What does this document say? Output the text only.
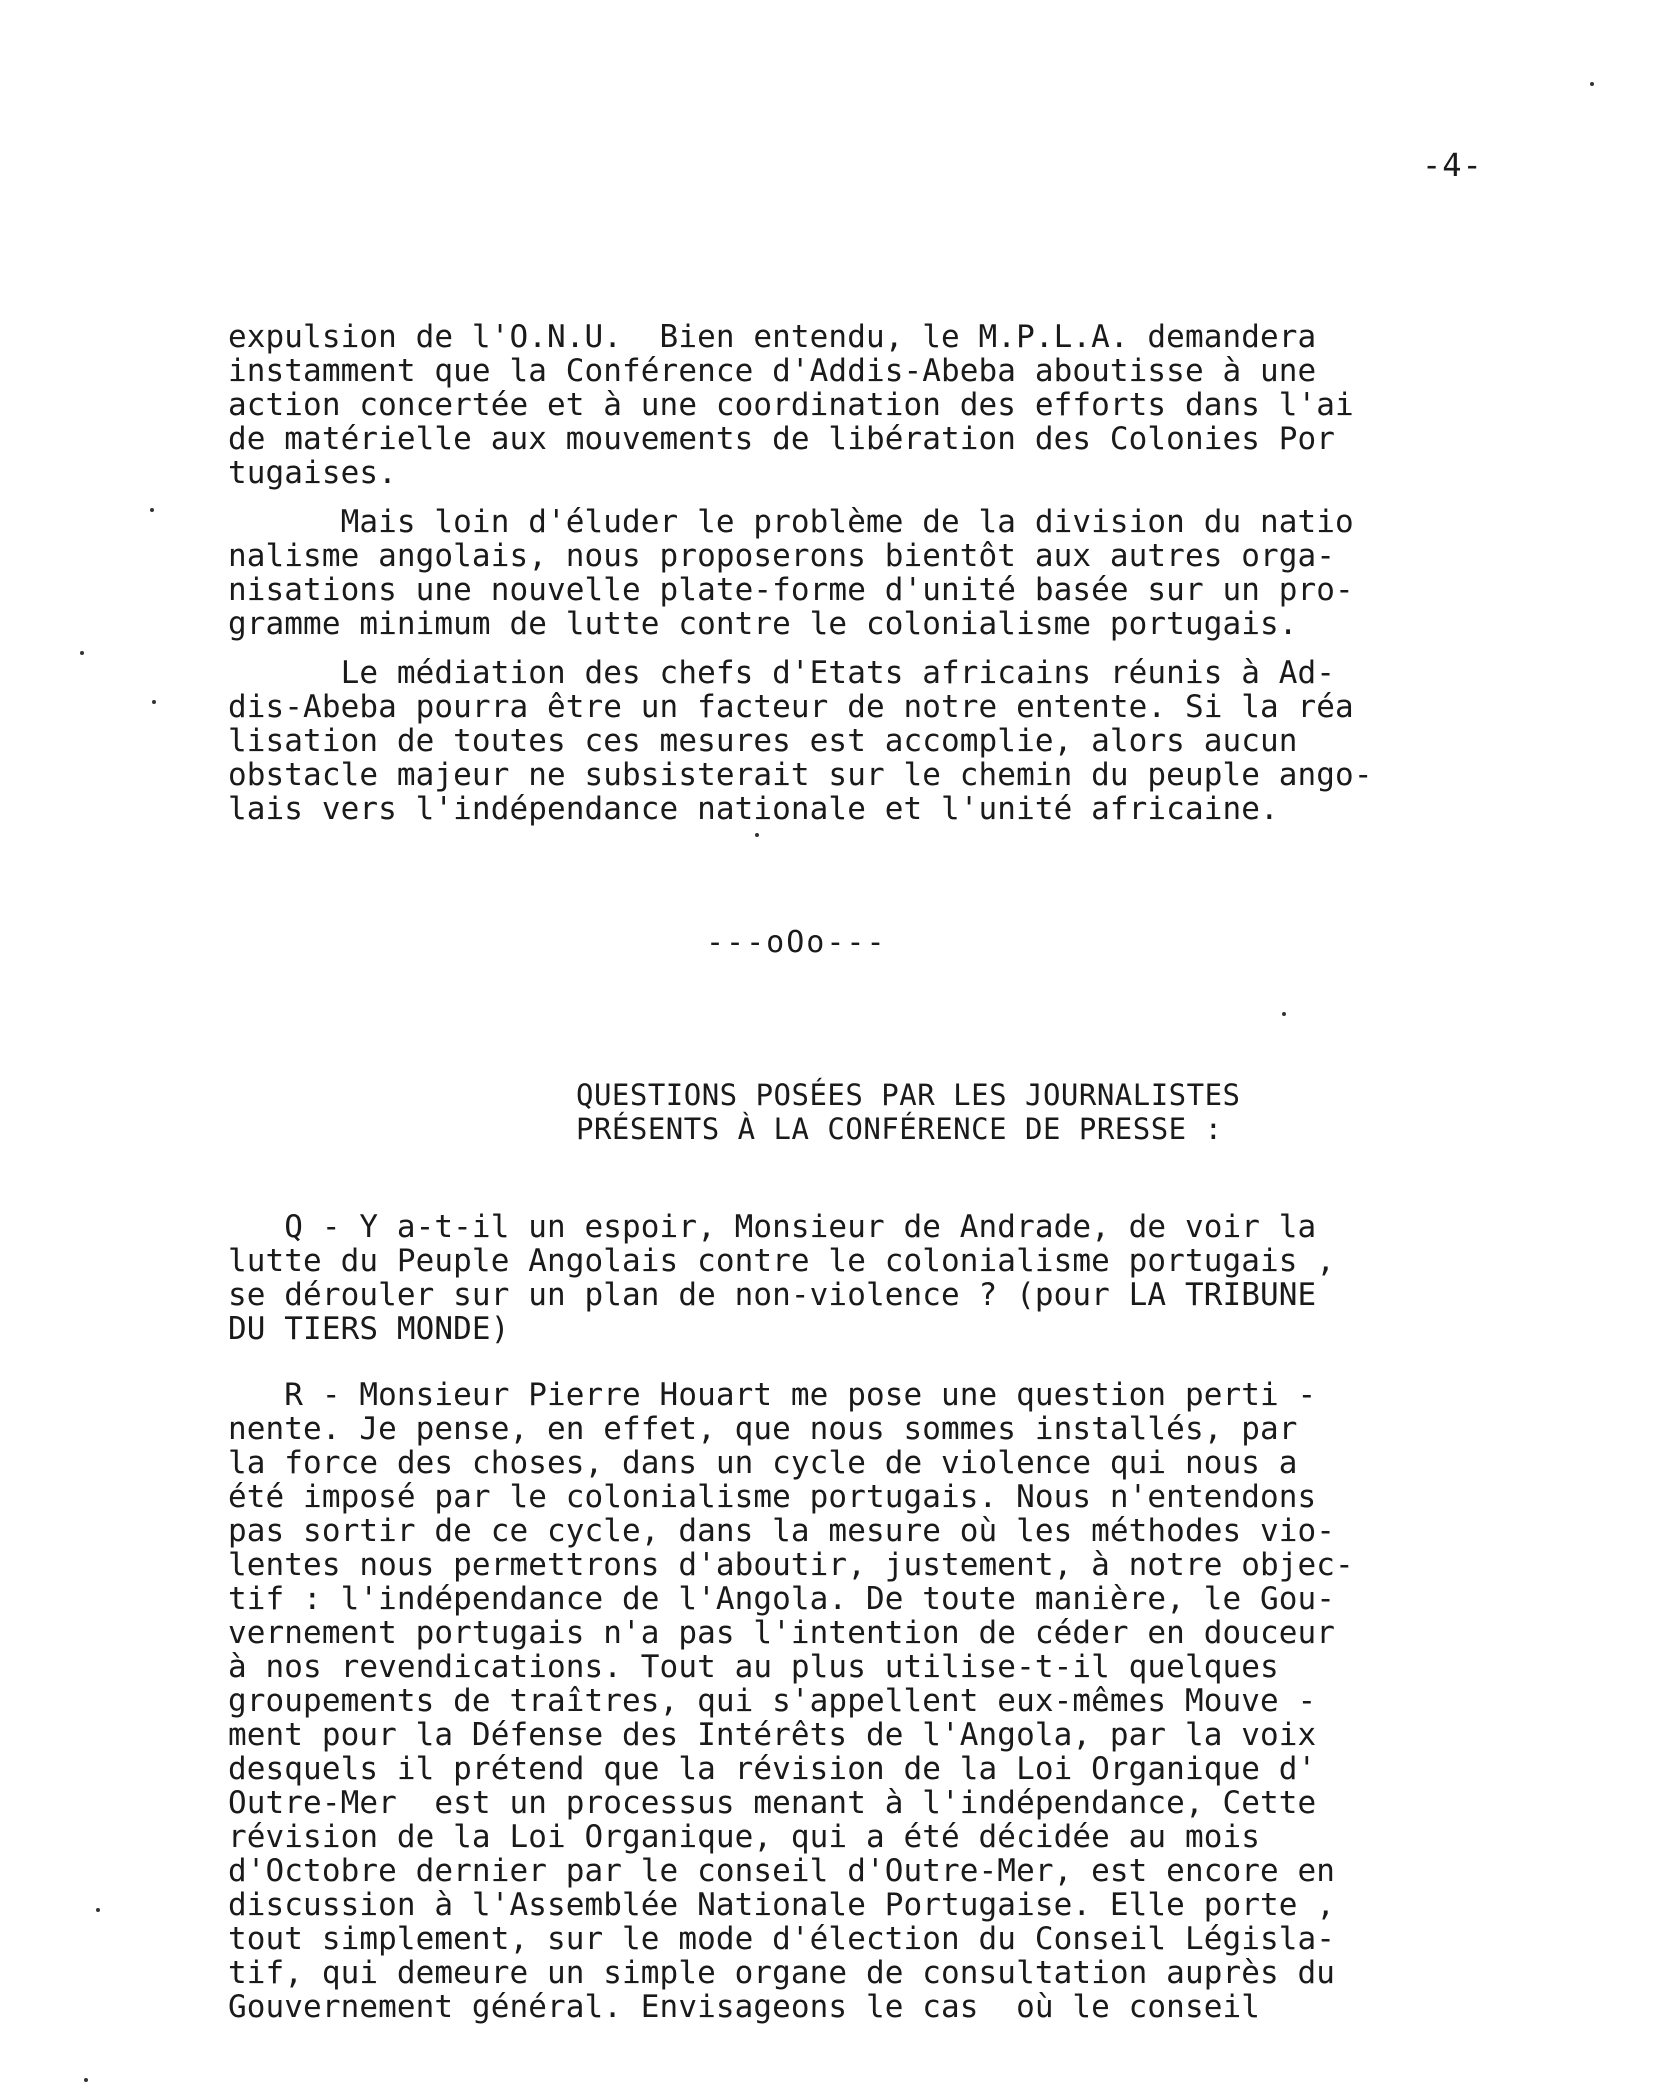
-4-
expulsion de l'O.N.U.  Bien entendu, le M.P.L.A. demandera
instamment que la Conférence d'Addis-Abeba aboutisse à une
action concertée et à une coordination des efforts dans l'ai
de matérielle aux mouvements de libération des Colonies Por
tugaises.
Mais loin d'éluder le problème de la division du natio
nalisme angolais, nous proposerons bientôt aux autres orga-
nisations une nouvelle plate-forme d'unité basée sur un pro-
gramme minimum de lutte contre le colonialisme portugais.
Le médiation des chefs d'Etats africains réunis à Ad-
dis-Abeba pourra être un facteur de notre entente. Si la réa
lisation de toutes ces mesures est accomplie, alors aucun
obstacle majeur ne subsisterait sur le chemin du peuple ango-
lais vers l'indépendance nationale et l'unité africaine.
---oOo---
QUESTIONS POSÉES PAR LES JOURNALISTES
PRÉSENTS À LA CONFÉRENCE DE PRESSE :
Q - Y a-t-il un espoir, Monsieur de Andrade, de voir la
lutte du Peuple Angolais contre le colonialisme portugais ,
se dérouler sur un plan de non-violence ? (pour LA TRIBUNE
DU TIERS MONDE)
R - Monsieur Pierre Houart me pose une question perti -
nente. Je pense, en effet, que nous sommes installés, par
la force des choses, dans un cycle de violence qui nous a
été imposé par le colonialisme portugais. Nous n'entendons
pas sortir de ce cycle, dans la mesure où les méthodes vio-
lentes nous permettrons d'aboutir, justement, à notre objec-
tif : l'indépendance de l'Angola. De toute manière, le Gou-
vernement portugais n'a pas l'intention de céder en douceur
à nos revendications. Tout au plus utilise-t-il quelques
groupements de traîtres, qui s'appellent eux-mêmes Mouve -
ment pour la Défense des Intérêts de l'Angola, par la voix
desquels il prétend que la révision de la Loi Organique d'
Outre-Mer  est un processus menant à l'indépendance, Cette
révision de la Loi Organique, qui a été décidée au mois
d'Octobre dernier par le conseil d'Outre-Mer, est encore en
discussion à l'Assemblée Nationale Portugaise. Elle porte ,
tout simplement, sur le mode d'élection du Conseil Législa-
tif, qui demeure un simple organe de consultation auprès du
Gouvernement général. Envisageons le cas  où le conseil
